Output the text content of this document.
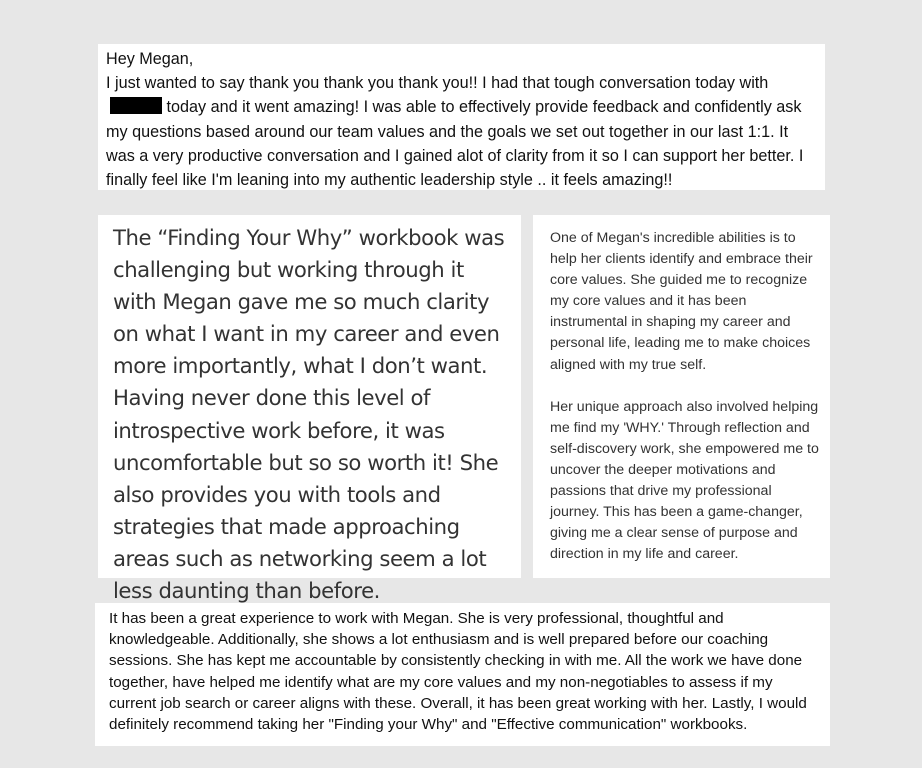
Hey Megan,

I just wanted to say thank you thank you thank you!! I had that tough conversation today with today and it went amazing! I was able to effectively provide feedback and confidently ask my questions based around our team values and the goals we set out together in our last 1:1. It was a very productive conversation and I gained alot of clarity from it so I can support her better. I finally feel like I'm leaning into my authentic leadership style .. it feels amazing!!

The “Finding Your Why” workbook was challenging but working through it with Megan gave me so much clarity on what I want in my career and even more importantly, what I don’t want. Having never done this level of introspective work before, it was uncomfortable but so so worth it! She also provides you with tools and strategies that made approaching areas such as networking seem a lot less daunting than before.

One of Megan's incredible abilities is to help her clients identify and embrace their core values. She guided me to recognize my core values and it has been instrumental in shaping my career and personal life, leading me to make choices aligned with my true self.

Her unique approach also involved helping me find my 'WHY.' Through reflection and self-discovery work, she empowered me to uncover the deeper motivations and passions that drive my professional journey. This has been a game-changer, giving me a clear sense of purpose and direction in my life and career.

It has been a great experience to work with Megan. She is very professional, thoughtful and knowledgeable. Additionally, she shows a lot enthusiasm and is well prepared before our coaching sessions. She has kept me accountable by consistently checking in with me. All the work we have done together, have helped me identify what are my core values and my non-negotiables to assess if my current job search or career aligns with these. Overall, it has been great working with her. Lastly, I would definitely recommend taking her "Finding your Why" and "Effective communication" workbooks.
